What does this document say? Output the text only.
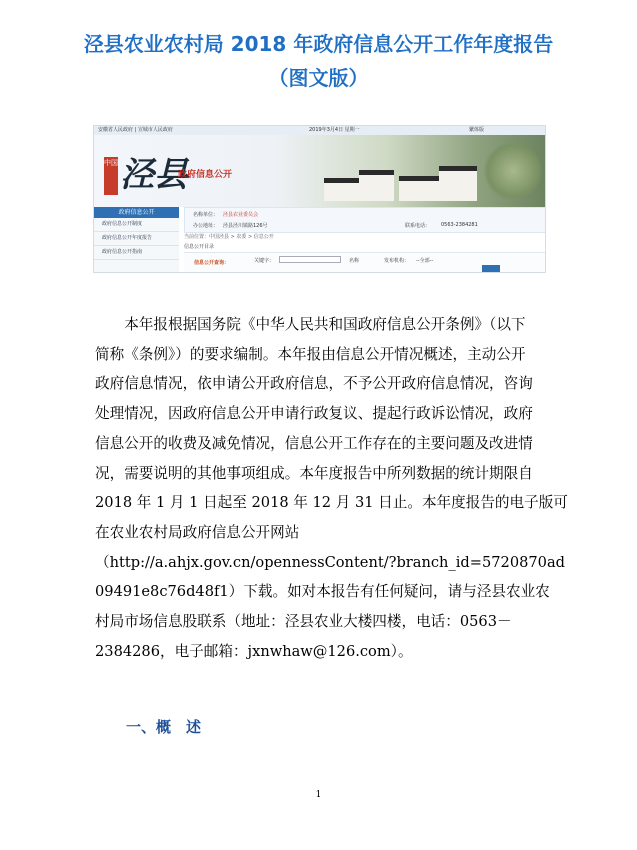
泾县农业农村局 2018 年政府信息公开工作年度报告
（图文版）
安徽省人民政府 | 宣城市人民政府	2019年3月4日 星期一	繁体版
中国 泾县
政府信息公开
政府信息公开
政府信息公开制度
政府信息公开年度报告
政府信息公开指南
名称单位： 泾县农业委员会
办公地址： 泾县泾川镇路126号	联系电话： 0563-2384281
当前位置：中国泾县 > 农委 > 信息公开
信息公开目录
信息公开查询：	关键字：	名称	发布机构： --全部--
　　本年报根据国务院《中华人民共和国政府信息公开条例》（以下
简称《条例》）的要求编制。本年报由信息公开情况概述，主动公开
政府信息情况，依申请公开政府信息，不予公开政府信息情况，咨询
处理情况，因政府信息公开申请行政复议、提起行政诉讼情况，政府
信息公开的收费及减免情况，信息公开工作存在的主要问题及改进情
况，需要说明的其他事项组成。本年度报告中所列数据的统计期限自
2018 年 1 月 1 日起至 2018 年 12 月 31 日止。本年度报告的电子版可
在农业农村局政府信息公开网站
（http://a.ahjx.gov.cn/opennessContent/?branch_id=5720870ad
09491e8c76d48f1）下载。如对本报告有任何疑问，请与泾县农业农
村局市场信息股联系（地址：泾县农业大楼四楼，电话：0563－
2384286，电子邮箱：jxnwhaw@126.com）。
一、概　述
1
